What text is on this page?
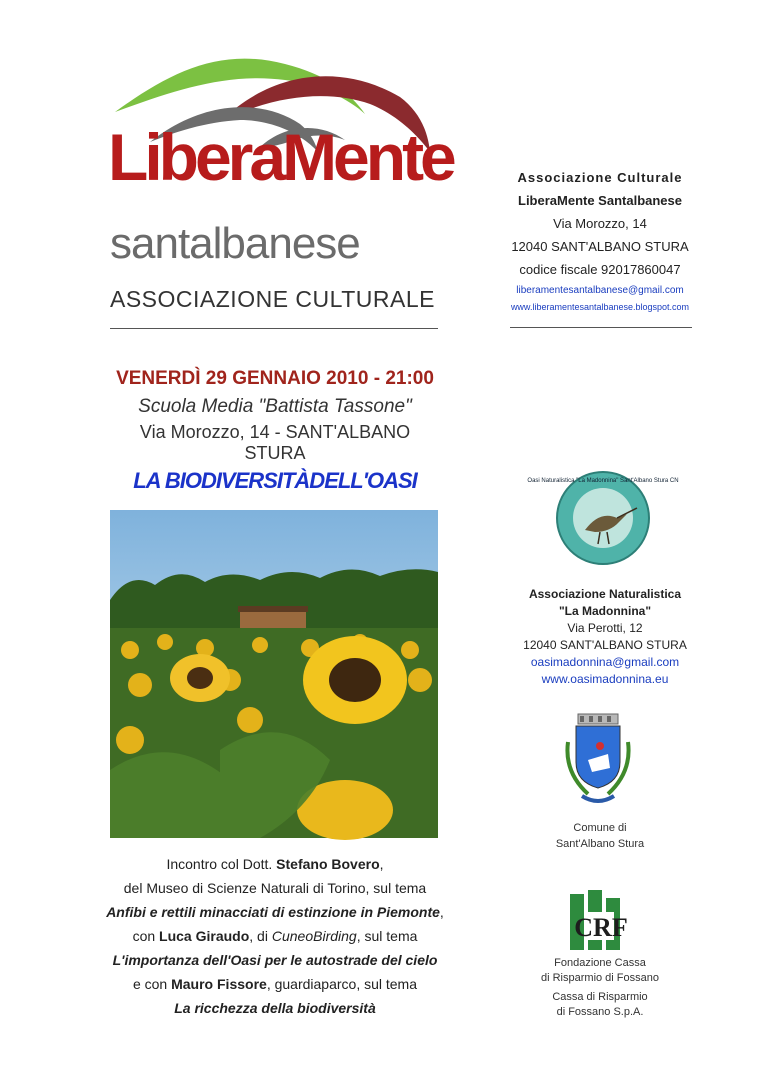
LiberaMente
santalbanese
ASSOCIAZIONE CULTURALE
Associazione Culturale
LiberaMente Santalbanese
Via Morozzo, 14
12040 SANT'ALBANO STURA
codice fiscale 92017860047
liberamentesantalbanese@gmail.com
www.liberamentesantalbanese.blogspot.com
VENERDÌ 29 GENNAIO 2010 - 21:00
Scuola Media "Battista Tassone"
Via Morozzo, 14 - SANT'ALBANO STURA
LA BIODIVERSITÀDELL'OASI
Incontro col Dott. Stefano Bovero,
del Museo di Scienze Naturali di Torino, sul tema
Anfibi e rettili minacciati di estinzione in Piemonte,
con Luca Giraudo, di CuneoBirding, sul tema
L'importanza dell'Oasi per le autostrade del cielo
e con Mauro Fissore, guardiaparco, sul tema
La ricchezza della biodiversità
Oasi Naturalistica "La Madonnina" Sant'Albano Stura CN
Associazione Naturalistica
"La Madonnina"
Via Perotti, 12
12040 SANT'ALBANO STURA
oasimadonnina@gmail.com
www.oasimadonnina.eu
Comune di
Sant'Albano Stura
CRF
Fondazione Cassa
di Risparmio di Fossano
Cassa di Risparmio
di Fossano S.p.A.
